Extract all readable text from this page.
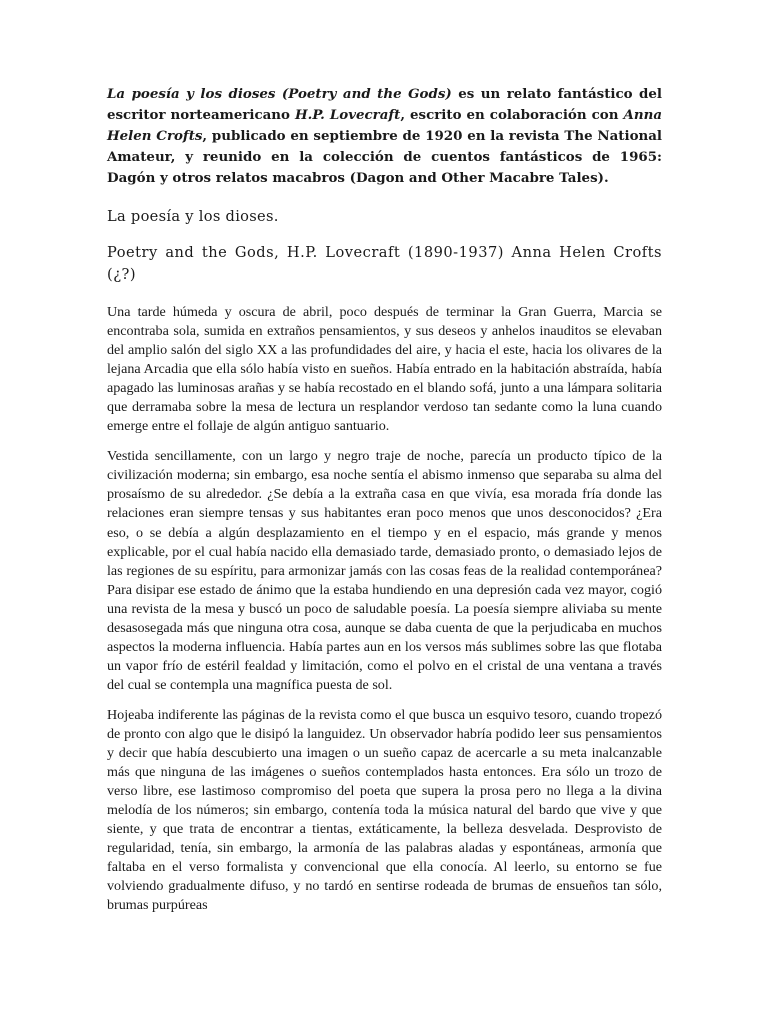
La poesía y los dioses (Poetry and the Gods) es un relato fantástico del escritor norteamericano H.P. Lovecraft, escrito en colaboración con Anna Helen Crofts, publicado en septiembre de 1920 en la revista The National Amateur, y reunido en la colección de cuentos fantásticos de 1965: Dagón y otros relatos macabros (Dagon and Other Macabre Tales).

La poesía y los dioses.
Poetry and the Gods, H.P. Lovecraft (1890-1937) Anna Helen Crofts (¿?)

Una tarde húmeda y oscura de abril, poco después de terminar la Gran Guerra, Marcia se encontraba sola, sumida en extraños pensamientos, y sus deseos y anhelos inauditos se elevaban del amplio salón del siglo XX a las profundidades del aire, y hacia el este, hacia los olivares de la lejana Arcadia que ella sólo había visto en sueños. Había entrado en la habitación abstraída, había apagado las luminosas arañas y se había recostado en el blando sofá, junto a una lámpara solitaria que derramaba sobre la mesa de lectura un resplandor verdoso tan sedante como la luna cuando emerge entre el follaje de algún antiguo santuario.

Vestida sencillamente, con un largo y negro traje de noche, parecía un producto típico de la civilización moderna; sin embargo, esa noche sentía el abismo inmenso que separaba su alma del prosaísmo de su alrededor. ¿Se debía a la extraña casa en que vivía, esa morada fría donde las relaciones eran siempre tensas y sus habitantes eran poco menos que unos desconocidos? ¿Era eso, o se debía a algún desplazamiento en el tiempo y en el espacio, más grande y menos explicable, por el cual había nacido ella demasiado tarde, demasiado pronto, o demasiado lejos de las regiones de su espíritu, para armonizar jamás con las cosas feas de la realidad contemporánea? Para disipar ese estado de ánimo que la estaba hundiendo en una depresión cada vez mayor, cogió una revista de la mesa y buscó un poco de saludable poesía. La poesía siempre aliviaba su mente desasosegada más que ninguna otra cosa, aunque se daba cuenta de que la perjudicaba en muchos aspectos la moderna influencia. Había partes aun en los versos más sublimes sobre las que flotaba un vapor frío de estéril fealdad y limitación, como el polvo en el cristal de una ventana a través del cual se contempla una magnífica puesta de sol.

Hojeaba indiferente las páginas de la revista como el que busca un esquivo tesoro, cuando tropezó de pronto con algo que le disipó la languidez. Un observador habría podido leer sus pensamientos y decir que había descubierto una imagen o un sueño capaz de acercarle a su meta inalcanzable más que ninguna de las imágenes o sueños contemplados hasta entonces. Era sólo un trozo de verso libre, ese lastimoso compromiso del poeta que supera la prosa pero no llega a la divina melodía de los números; sin embargo, contenía toda la música natural del bardo que vive y que siente, y que trata de encontrar a tientas, extáticamente, la belleza desvelada. Desprovisto de regularidad, tenía, sin embargo, la armonía de las palabras aladas y espontáneas, armonía que faltaba en el verso formalista y convencional que ella conocía. Al leerlo, su entorno se fue volviendo gradualmente difuso, y no tardó en sentirse rodeada de brumas de ensueños tan sólo, brumas purpúreas
